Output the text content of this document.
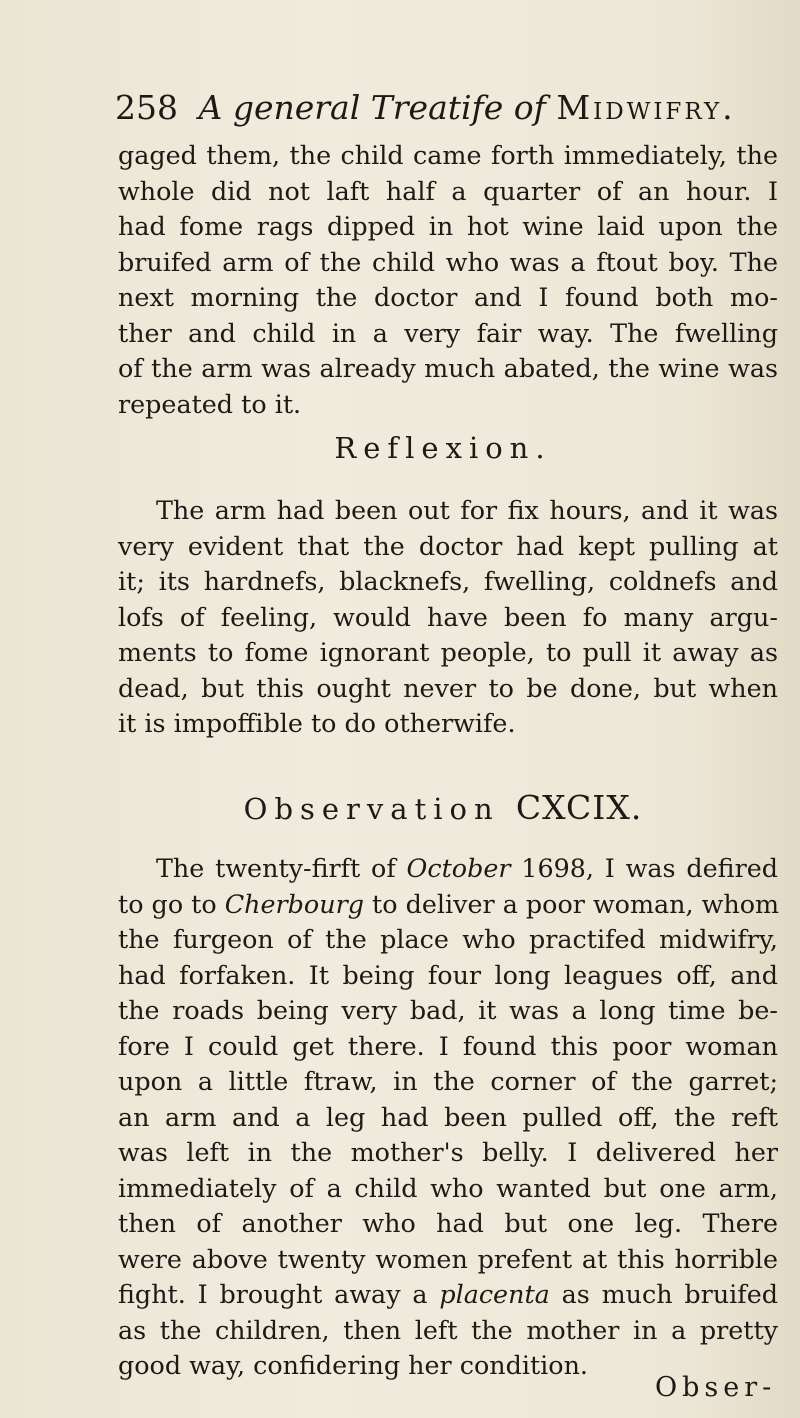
258 A general Treatife of Midwifry.
gaged them, the child came forth immediately, the
whole did not laft half a quarter of an hour. I
had fome rags dipped in hot wine laid upon the
bruifed arm of the child who was a ftout boy. The
next morning the doctor and I found both mo-
ther and child in a very fair way. The fwelling
of the arm was already much abated, the wine was
repeated to it.
Reflexion.
The arm had been out for fix hours, and it was
very evident that the doctor had kept pulling at
it; its hardnefs, blacknefs, fwelling, coldnefs and
lofs of feeling, would have been fo many argu-
ments to fome ignorant people, to pull it away as
dead, but this ought never to be done, but when
it is impoffible to do otherwife.
Observation CXCIX.
The twenty-firft of October 1698, I was defired
to go to Cherbourg to deliver a poor woman, whom
the furgeon of the place who practifed midwifry,
had forfaken. It being four long leagues off, and
the roads being very bad, it was a long time be-
fore I could get there. I found this poor woman
upon a little ftraw, in the corner of the garret;
an arm and a leg had been pulled off, the reft
was left in the mother's belly. I delivered her
immediately of a child who wanted but one arm,
then of another who had but one leg. There
were above twenty women prefent at this horrible
fight. I brought away a placenta as much bruifed
as the children, then left the mother in a pretty
good way, confidering her condition.
Obser-
